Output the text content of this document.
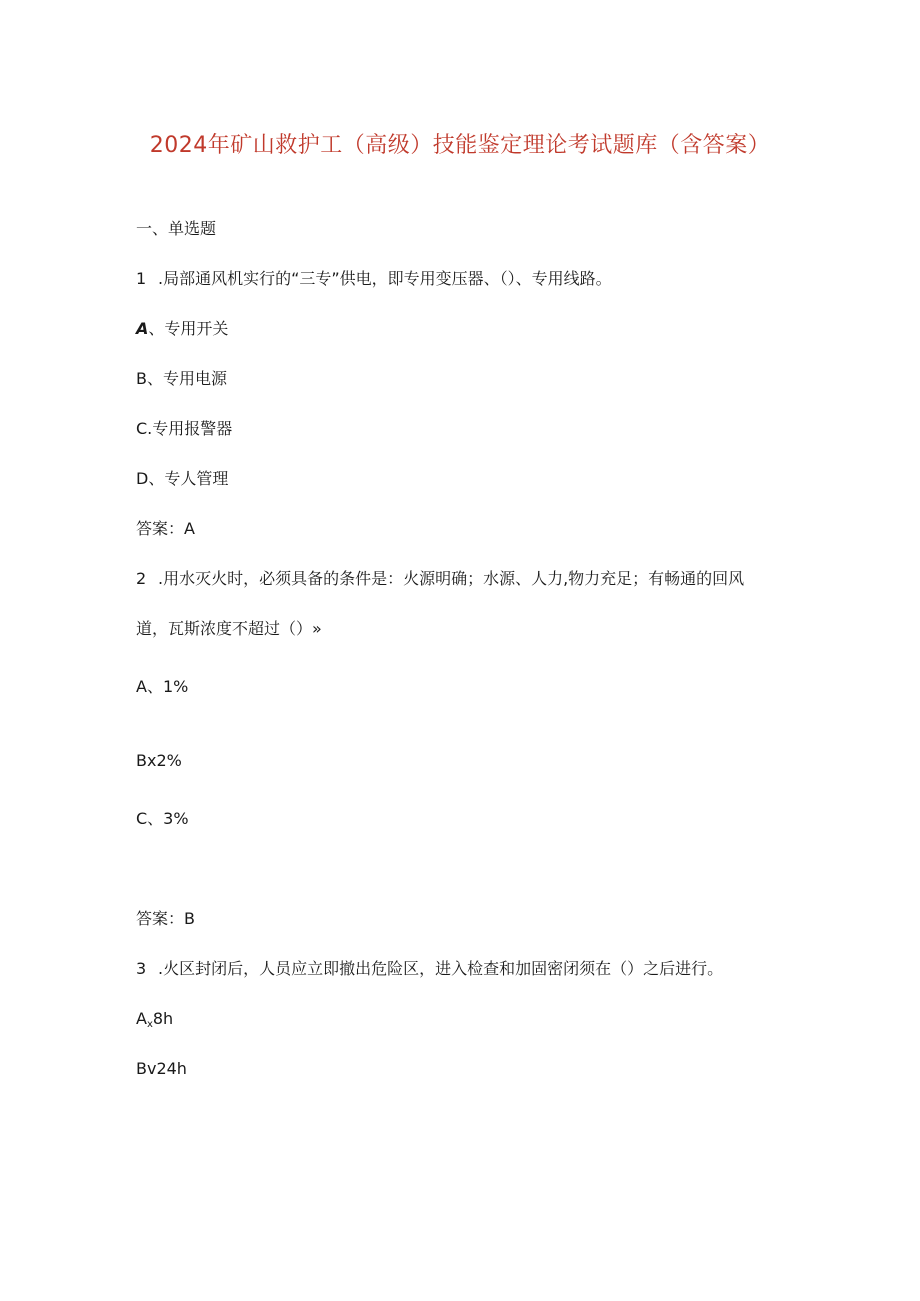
2024年矿山救护工（高级）技能鉴定理论考试题库（含答案）
一、单选题
1 .局部通风机实行的“三专”供电，即专用变压器、（）、专用线路。
A、专用开关
B、专用电源
C.专用报警器
D、专人管理
答案：A
2 .用水灭火时，必须具备的条件是：火源明确；水源、人力,物力充足；有畅通的回风
道，瓦斯浓度不超过（）»
A、1%
Bx2%
C、3%
答案：B
3 .火区封闭后，人员应立即撤出危险区，进入检查和加固密闭须在（）之后进行。
$A_x8h$
Bv24h
